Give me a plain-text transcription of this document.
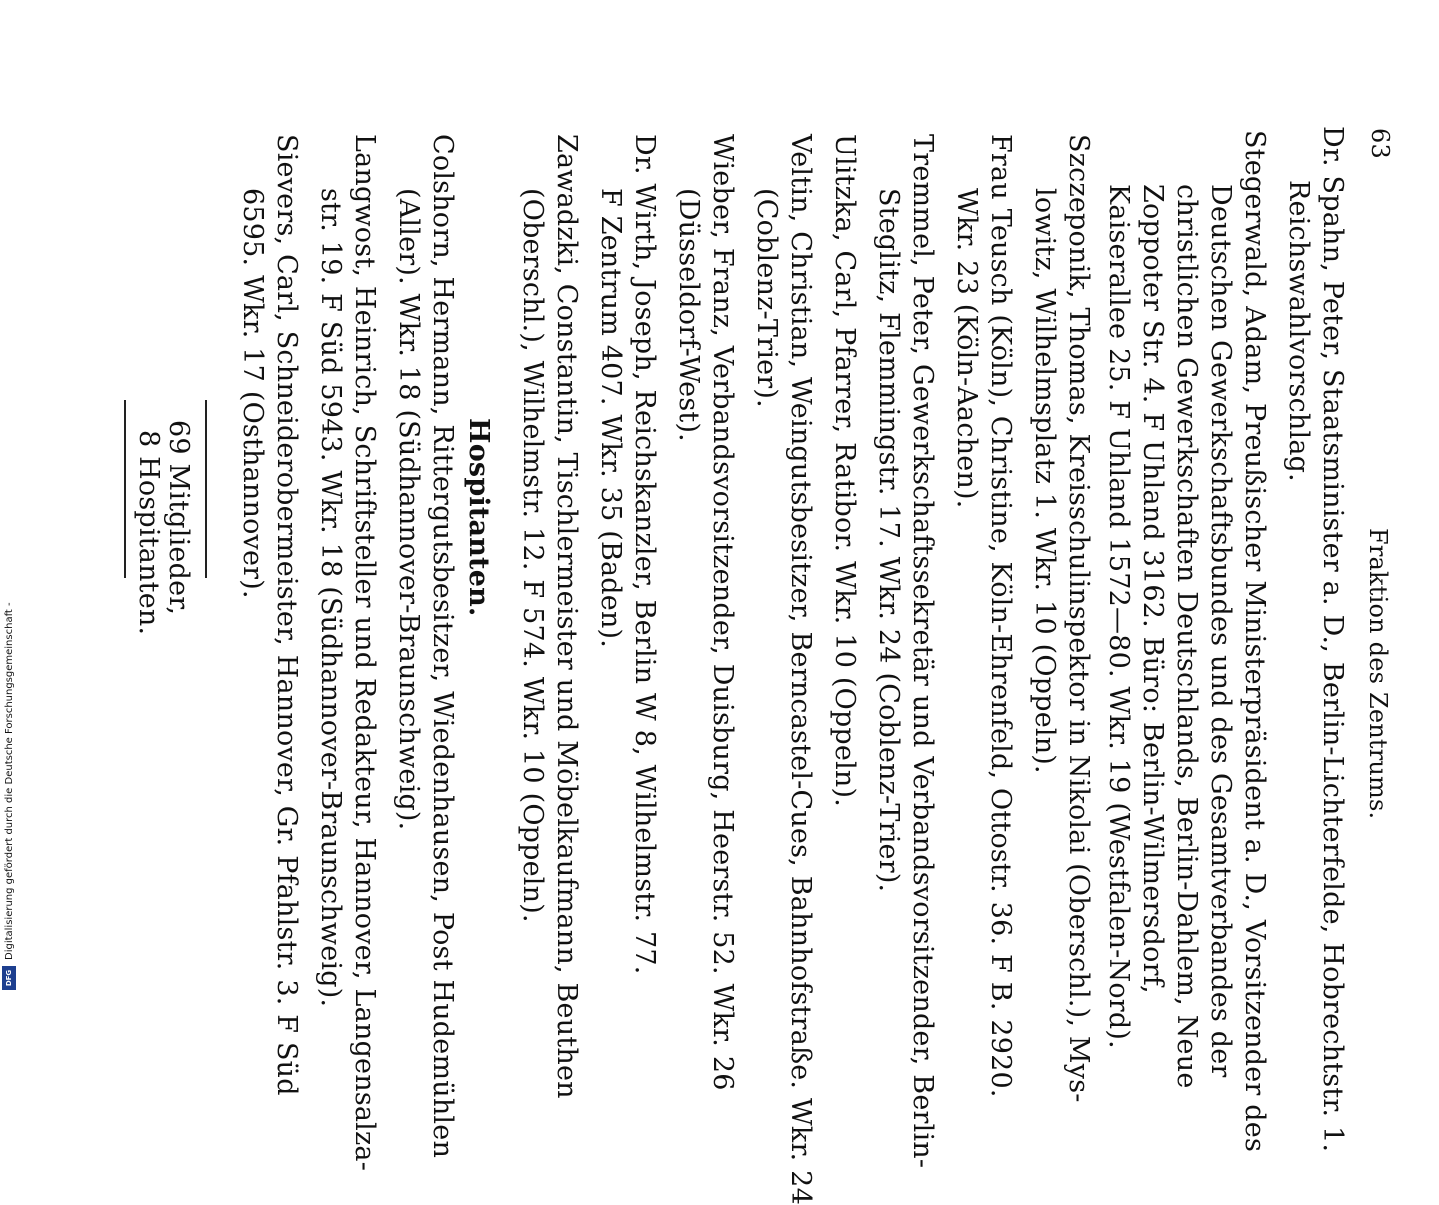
63
Fraktion des Zentrums.
Dr. Spahn, Peter, Staatsminister a. D., Berlin-Lichterfelde, Hobrechtstr. 1.
Reichswahlvorschlag.
Stegerwald, Adam, Preußischer Ministerpräsident a. D., Vorsitzender des
Deutschen Gewerkschaftsbundes und des Gesamtverbandes der
christlichen Gewerkschaften Deutschlands, Berlin-Dahlem, Neue
Zoppoter Str. 4. F Uhland 3162. Büro: Berlin-Wilmersdorf,
Kaiserallee 25. F Uhland 1572—80. Wkr. 19 (Westfalen-Nord).
Szczeponik, Thomas, Kreisschulinspektor in Nikolai (Oberschl.), Mys-
lowitz, Wilhelmsplatz 1. Wkr. 10 (Oppeln).
Frau Teusch (Köln), Christine, Köln-Ehrenfeld, Ottostr. 36. F B. 2920.
Wkr. 23 (Köln-Aachen).
Tremmel, Peter, Gewerkschaftssekretär und Verbandsvorsitzender, Berlin-
Steglitz, Flemmingstr. 17. Wkr. 24 (Coblenz-Trier).
Ulitzka, Carl, Pfarrer, Ratibor. Wkr. 10 (Oppeln).
Veltin, Christian, Weingutsbesitzer, Berncastel-Cues, Bahnhofstraße. Wkr. 24
(Coblenz-Trier).
Wieber, Franz, Verbandsvorsitzender, Duisburg, Heerstr. 52. Wkr. 26
(Düsseldorf-West).
Dr. Wirth, Joseph, Reichskanzler, Berlin W 8, Wilhelmstr. 77.
F Zentrum 407. Wkr. 35 (Baden).
Zawadzki, Constantin, Tischlermeister und Möbelkaufmann, Beuthen
(Oberschl.), Wilhelmstr. 12. F 574. Wkr. 10 (Oppeln).
Hospitanten.
Colshorn, Hermann, Rittergutsbesitzer, Wiedenhausen, Post Hudemühlen
(Aller). Wkr. 18 (Südhannover-Braunschweig).
Langwost, Heinrich, Schriftsteller und Redakteur, Hannover, Langensalza-
str. 19. F Süd 5943. Wkr. 18 (Südhannover-Braunschweig).
Sievers, Carl, Schneiderobermeister, Hannover, Gr. Pfahlstr. 3. F Süd
6595. Wkr. 17 (Osthannover).
69 Mitglieder,
8 Hospitanten.
Digitalisierung gefördert durch die Deutsche Forschungsgemeinschaft -
DFG
